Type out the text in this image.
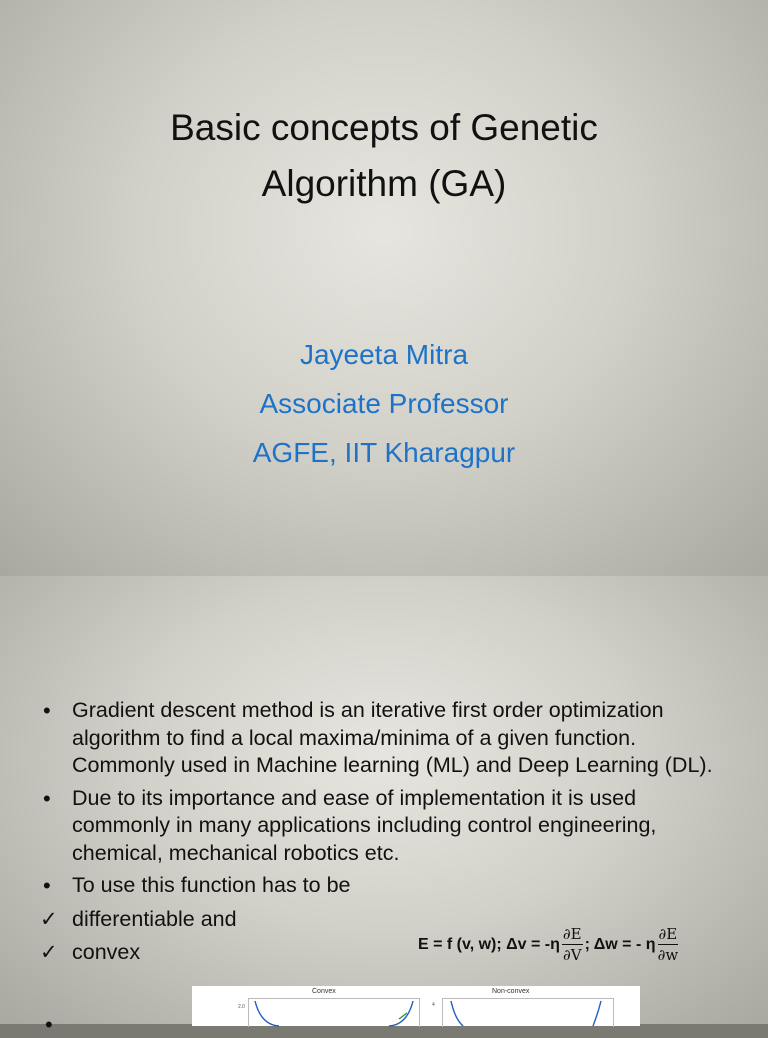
Basic concepts of Genetic
Algorithm (GA)
Jayeeta Mitra
Associate Professor
AGFE, IIT Kharagpur
• Gradient descent method is an iterative first order optimization algorithm to find a local maxima/minima of a given function. Commonly used in Machine learning (ML) and Deep Learning (DL).
• Due to its importance and ease of implementation it is used commonly in many applications including control engineering, chemical, mechanical robotics etc.
• To use this function has to be
✓ differentiable and
✓ convex	E = f (v, w); $\Delta v = -\eta \frac{\partial E}{\partial V}$ ; Δw = - η $\frac{\partial E}{\partial w}$
Convex	Non-convex
2.0	4
•
